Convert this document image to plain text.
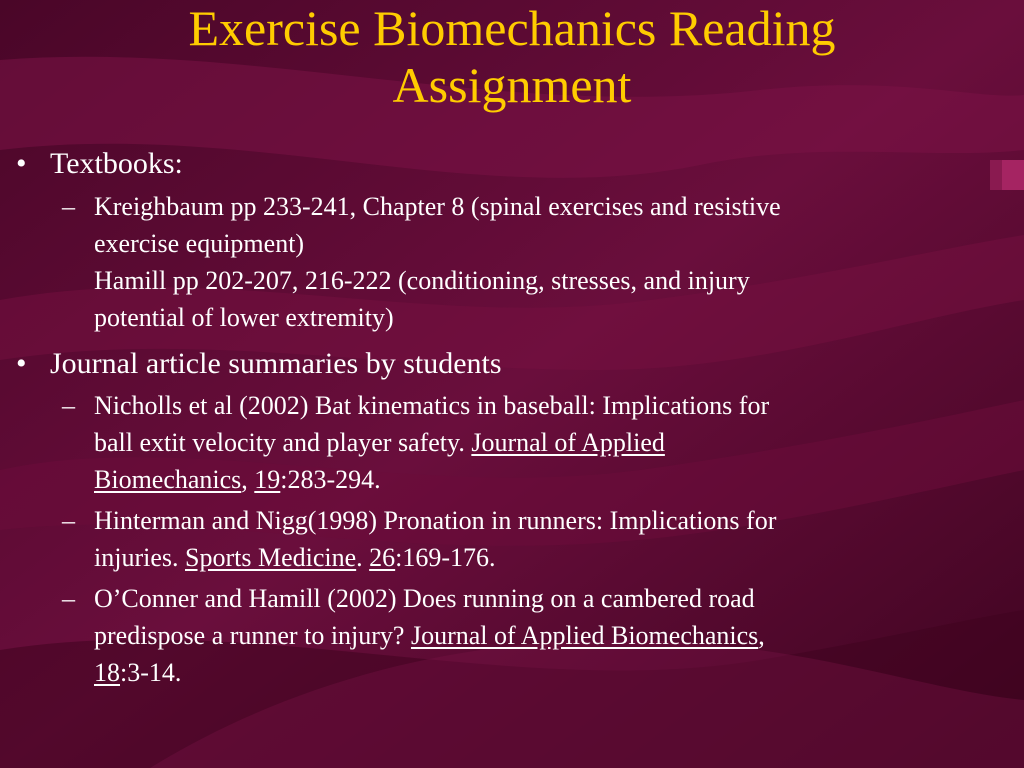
Exercise Biomechanics Reading
Assignment
• Textbooks:
– Kreighbaum pp 233-241, Chapter 8 (spinal exercises and resistive
exercise equipment)
Hamill pp 202-207, 216-222 (conditioning, stresses, and injury
potential of lower extremity)
• Journal article summaries by students
– Nicholls et al (2002) Bat kinematics in baseball: Implications for
ball extit velocity and player safety. Journal of Applied
Biomechanics, 19:283-294.
– Hinterman and Nigg(1998) Pronation in runners: Implications for
injuries. Sports Medicine. 26:169-176.
– O’Conner and Hamill (2002) Does running on a cambered road
predispose a runner to injury? Journal of Applied Biomechanics,
18:3-14.
